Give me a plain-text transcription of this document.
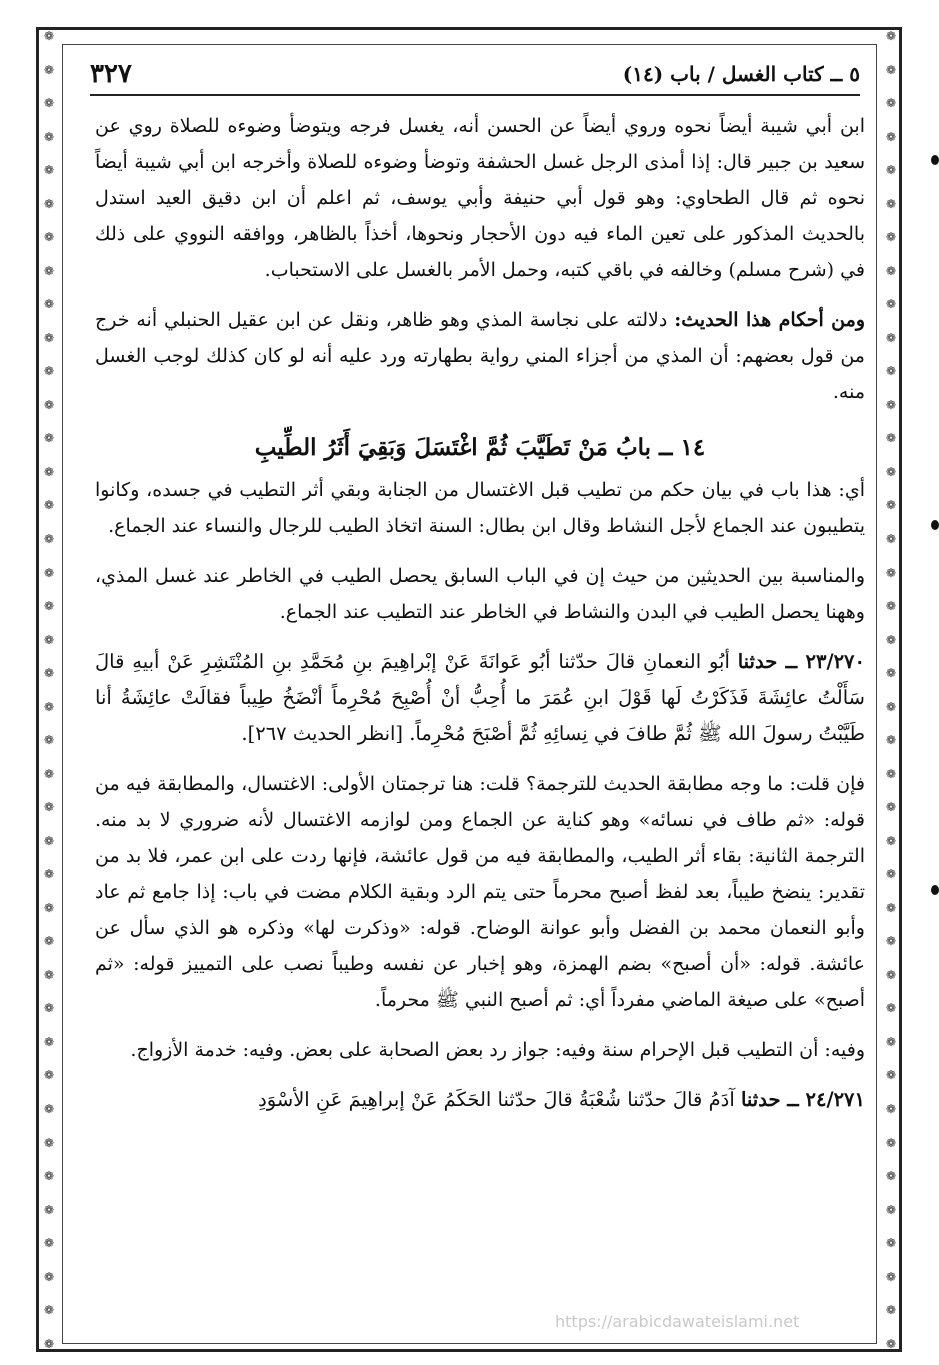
❁
❁
❁
❁
❁
❁
❁
❁
❁
❁
❁
❁
❁
❁
❁
❁
❁
❁
❁
❁
❁
❁
❁
❁
❁
❁
❁
❁
❁
❁
❁
❁
❁
❁
❁
❁
❁
❁
❁
❁
❁
❁
❁
❁
❁
❁
❁
❁
❁
❁
❁
❁
❁
❁
❁
❁
❁
❁
❁
❁
❁
❁
❁
❁
❁
❁
❁
❁
❁
❁
❁
❁
❁
❁
❁
❁
❁
❁
❁
❁
٥ ــ كتاب الغسل / باب (١٤)
٣٢٧

ابن أبي شيبة أيضاً نحوه وروي أيضاً عن الحسن أنه، يغسل فرجه ويتوضأ وضوءه للصلاة روي عن سعيد بن جبير قال: إذا أمذى الرجل غسل الحشفة وتوضأ وضوءه للصلاة وأخرجه ابن أبي شيبة أيضاً نحوه ثم قال الطحاوي: وهو قول أبي حنيفة وأبي يوسف، ثم اعلم أن ابن دقيق العيد استدل بالحديث المذكور على تعين الماء فيه دون الأحجار ونحوها، أخذاً بالظاهر، ووافقه النووي على ذلك في (شرح مسلم) وخالفه في باقي كتبه، وحمل الأمر بالغسل على الاستحباب.

ومن أحكام هذا الحديث: دلالته على نجاسة المذي وهو ظاهر، ونقل عن ابن عقيل الحنبلي أنه خرج من قول بعضهم: أن المذي من أجزاء المني رواية بطهارته ورد عليه أنه لو كان كذلك لوجب الغسل منه.

١٤ ــ بابُ مَنْ تَطَيَّبَ ثُمَّ اغْتَسَلَ وَبَقِيَ أَثَرُ الطِّيبِ

أي: هذا باب في بيان حكم من تطيب قبل الاغتسال من الجنابة وبقي أثر التطيب في جسده، وكانوا يتطيبون عند الجماع لأجل النشاط وقال ابن بطال: السنة اتخاذ الطيب للرجال والنساء عند الجماع.

والمناسبة بين الحديثين من حيث إن في الباب السابق يحصل الطيب في الخاطر عند غسل المذي، وههنا يحصل الطيب في البدن والنشاط في الخاطر عند التطيب عند الجماع.

٢٣/٢٧٠ ــ حدثنا أبُو النعمانِ قالَ حدّثنا أبُو عَوانَةَ عَنْ إبْراهِيمَ بنِ مُحَمَّدِ بنِ المُنْتَشِرِ عَنْ أبيهِ قالَ سَأَلْتُ عائِشَةَ فَذَكَرْتُ لَها قَوْلَ ابنِ عُمَرَ ما أُحِبُّ أنْ أُصْبِحَ مُحْرِماً أنْضَخُ طِيباً فقالَتْ عائِشَةُ أنا طَيَّبْتُ رسولَ الله ﷺ ثُمَّ طافَ في نِسائِهِ ثُمَّ أصْبَحَ مُحْرِماً. [انظر الحديث ٢٦٧].

فإن قلت: ما وجه مطابقة الحديث للترجمة؟ قلت: هنا ترجمتان الأولى: الاغتسال، والمطابقة فيه من قوله: «ثم طاف في نسائه» وهو كناية عن الجماع ومن لوازمه الاغتسال لأنه ضروري لا بد منه. الترجمة الثانية: بقاء أثر الطيب، والمطابقة فيه من قول عائشة، فإنها ردت على ابن عمر، فلا بد من تقدير: ينضخ طيباً، بعد لفظ أصبح محرماً حتى يتم الرد وبقية الكلام مضت في باب: إذا جامع ثم عاد وأبو النعمان محمد بن الفضل وأبو عوانة الوضاح. قوله: «وذكرت لها» وذكره هو الذي سأل عن عائشة. قوله: «أن أصبح» بضم الهمزة، وهو إخبار عن نفسه وطيباً نصب على التمييز قوله: «ثم أصبح» على صيغة الماضي مفرداً أي: ثم أصبح النبي ﷺ محرماً.

وفيه: أن التطيب قبل الإحرام سنة وفيه: جواز رد بعض الصحابة على بعض. وفيه: خدمة الأزواج.

٢٤/٢٧١ ــ حدثنا آدَمُ قالَ حدّثنا شُعْبَةُ قالَ حدّثنا الحَكَمُ عَنْ إبراهِيمَ عَنِ الأسْوَدِ

https://arabicdawateislami.net
